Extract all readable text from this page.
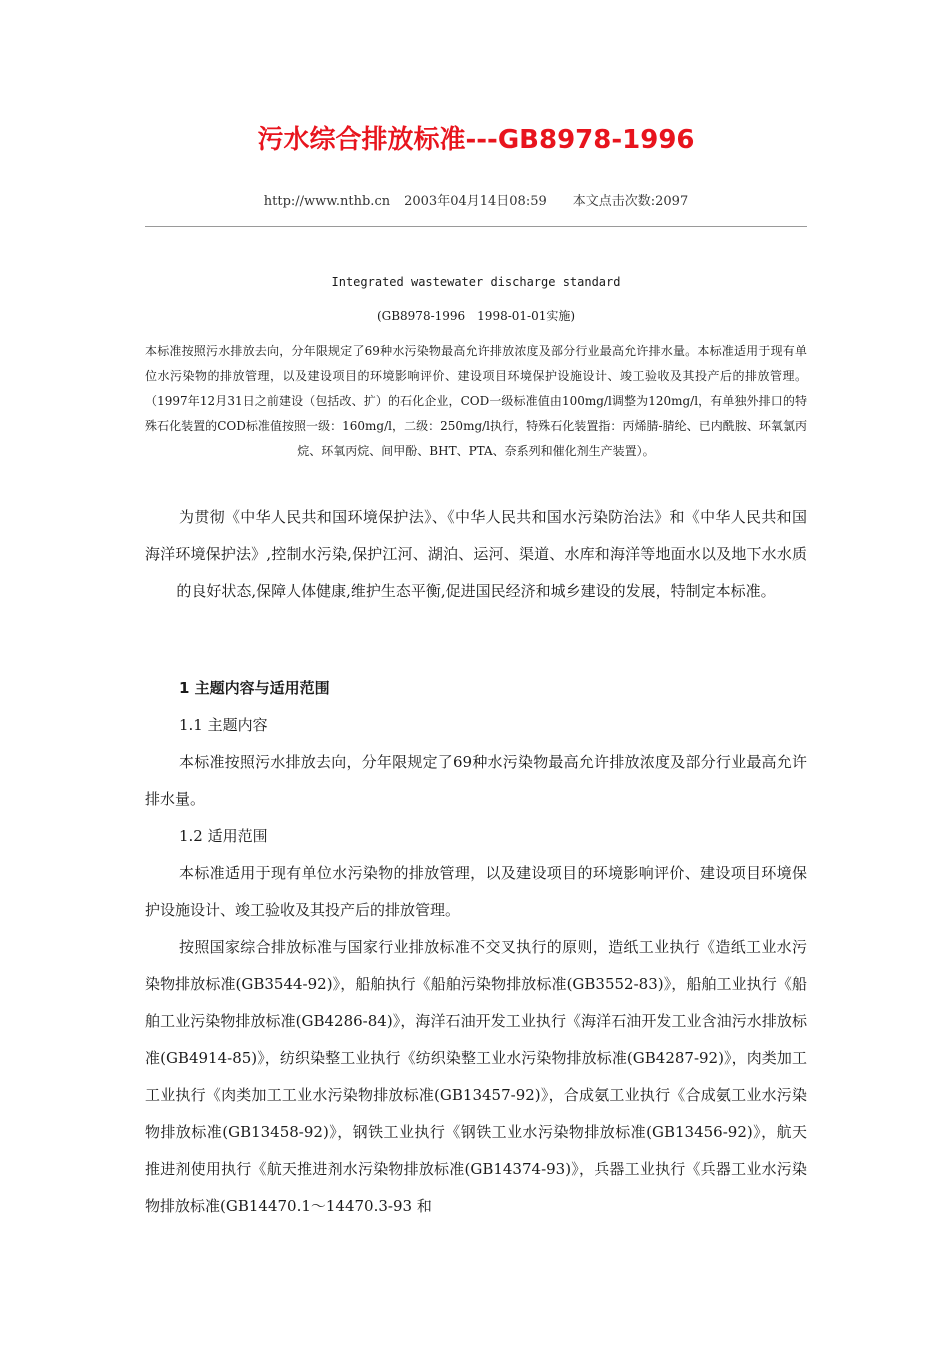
污水综合排放标准---GB8978-1996
http://www.nthb.cn 2003年04月14日08:59 本文点击次数:2097
Integrated wastewater discharge standard
(GB8978-1996　1998-01-01实施)

本标准按照污水排放去向，分年限规定了69种水污染物最高允许排放浓度及部分行业最高允许排水量。本标准适用于现有单位水污染物的排放管理，以及建设项目的环境影响评价、建设项目环境保护设施设计、竣工验收及其投产后的排放管理。（1997年12月31日之前建设（包括改、扩）的石化企业，COD一级标准值由100mg/l调整为120mg/l，有单独外排口的特殊石化装置的COD标准值按照一级：160mg/l，二级：250mg/l执行，特殊石化装置指：丙烯腈-腈纶、已内酰胺、环氧氯丙烷、环氧丙烷、间甲酚、BHT、PTA、奈系列和催化剂生产装置）。

为贯彻《中华人民共和国环境保护法》、《中华人民共和国水污染防治法》和《中华人民共和国海洋环境保护法》,控制水污染,保护江河、湖泊、运河、渠道、水库和海洋等地面水以及地下水水质的良好状态,保障人体健康,维护生态平衡,促进国民经济和城乡建设的发展，特制定本标准。

1 主题内容与适用范围

1.1 主题内容

本标准按照污水排放去向，分年限规定了69种水污染物最高允许排放浓度及部分行业最高允许排水量。

1.2 适用范围

本标准适用于现有单位水污染物的排放管理，以及建设项目的环境影响评价、建设项目环境保护设施设计、竣工验收及其投产后的排放管理。

按照国家综合排放标准与国家行业排放标准不交叉执行的原则，造纸工业执行《造纸工业水污染物排放标准(GB3544-92)》，船舶执行《船舶污染物排放标准(GB3552-83)》，船舶工业执行《船舶工业污染物排放标准(GB4286-84)》，海洋石油开发工业执行《海洋石油开发工业含油污水排放标准(GB4914-85)》，纺织染整工业执行《纺织染整工业水污染物排放标准(GB4287-92)》，肉类加工工业执行《肉类加工工业水污染物排放标准(GB13457-92)》，合成氨工业执行《合成氨工业水污染物排放标准(GB13458-92)》，钢铁工业执行《钢铁工业水污染物排放标准(GB13456-92)》，航天推进剂使用执行《航天推进剂水污染物排放标准(GB14374-93)》，兵器工业执行《兵器工业水污染物排放标准(GB14470.1～14470.3-93 和
